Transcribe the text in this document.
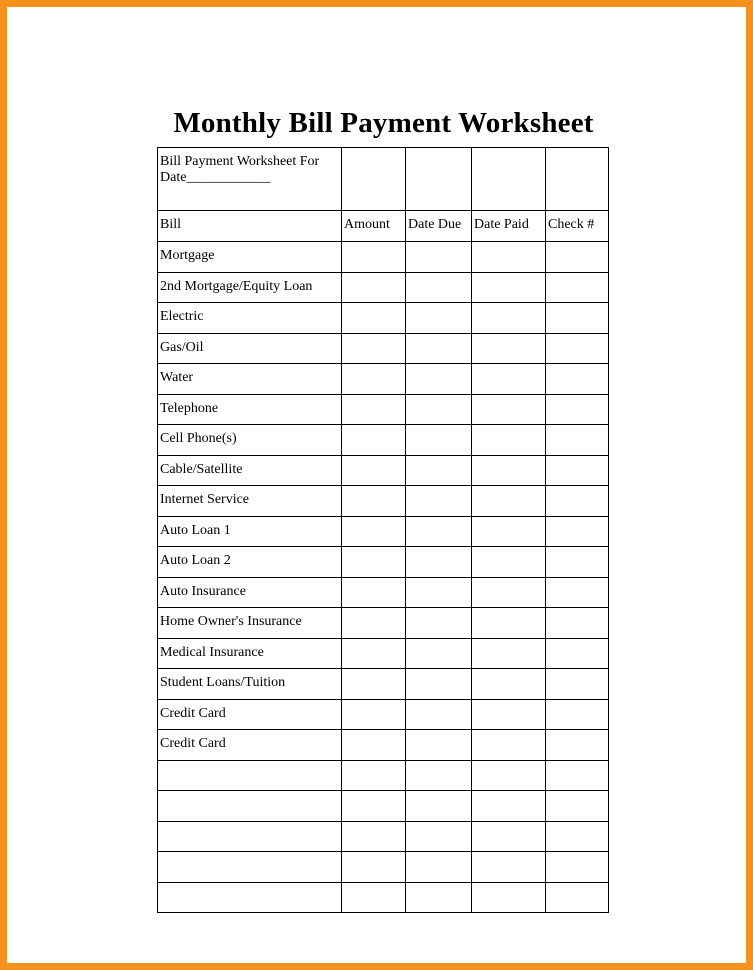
Monthly Bill Payment Worksheet
Bill Payment Worksheet For
Date____________				
Bill	Amount	Date Due	Date Paid	Check #
Mortgage				
2nd Mortgage/Equity Loan				
Electric				
Gas/Oil				
Water				
Telephone				
Cell Phone(s)				
Cable/Satellite				
Internet Service				
Auto Loan 1				
Auto Loan 2				
Auto Insurance				
Home Owner's Insurance				
Medical Insurance				
Student Loans/Tuition				
Credit Card				
Credit Card				
